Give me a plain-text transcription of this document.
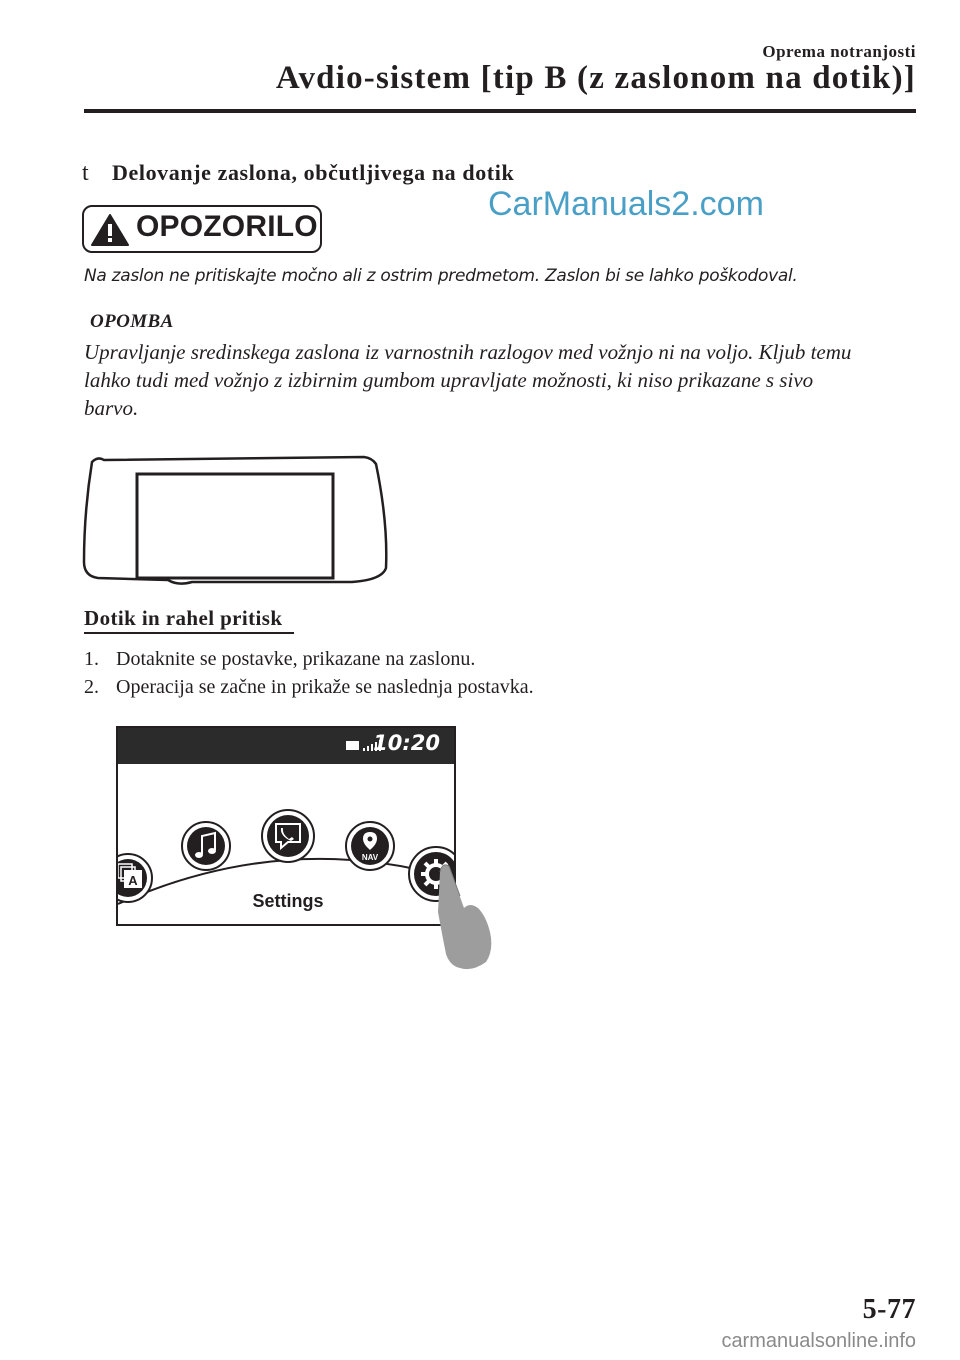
Oprema notranjosti
Avdio-sistem [tip B (z zaslonom na dotik)]
t Delovanje zaslona, občutljivega na dotik
OPOZORILO
CarManuals2.com
Na zaslon ne pritiskajte močno ali z ostrim predmetom. Zaslon bi se lahko poškodoval.
OPOMBA
Upravljanje sredinskega zaslona iz varnostnih razlogov med vožnjo ni na voljo. Kljub temu
lahko tudi med vožnjo z izbirnim gumbom upravljate možnosti, ki niso prikazane s sivo
barvo.
Dotik in rahel pritisk
1. Dotaknite se postavke, prikazane na zaslonu.
2. Operacija se začne in prikaže se naslednja postavka.
10:20
A
NAV
Settings
5-77
carmanualsonline.info
